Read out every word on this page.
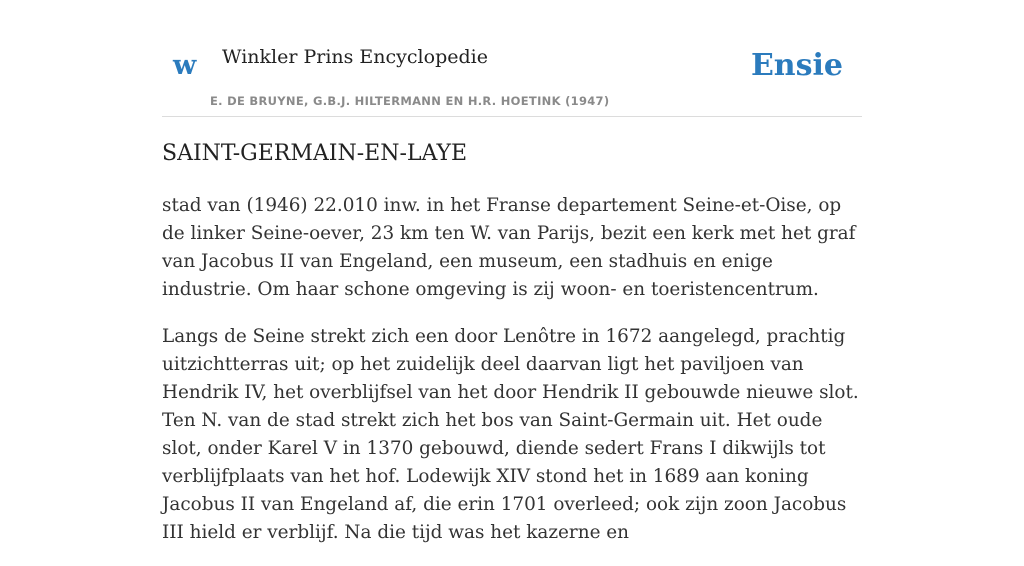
w Winkler Prins Encyclopedie
E. DE BRUYNE, G.B.J. HILTERMANN EN H.R. HOETINK (1947)
Ensie
SAINT-GERMAIN-EN-LAYE

stad van (1946) 22.010 inw. in het Franse departement Seine-et-Oise, op de linker Seine-oever, 23 km ten W. van Parijs, bezit een kerk met het graf van Jacobus II van Engeland, een museum, een stadhuis en enige industrie. Om haar schone omgeving is zij woon- en toeristencentrum.

Langs de Seine strekt zich een door Lenôtre in 1672 aangelegd, prachtig uitzichtterras uit; op het zuidelijk deel daarvan ligt het paviljoen van Hendrik IV, het overblijfsel van het door Hendrik II gebouwde nieuwe slot. Ten N. van de stad strekt zich het bos van Saint-Germain uit. Het oude slot, onder Karel V in 1370 gebouwd, diende sedert Frans I dikwijls tot verblijfplaats van het hof. Lodewijk XIV stond het in 1689 aan koning Jacobus II van Engeland af, die erin 1701 overleed; ook zijn zoon Jacobus III hield er verblijf. Na die tijd was het kazerne en
